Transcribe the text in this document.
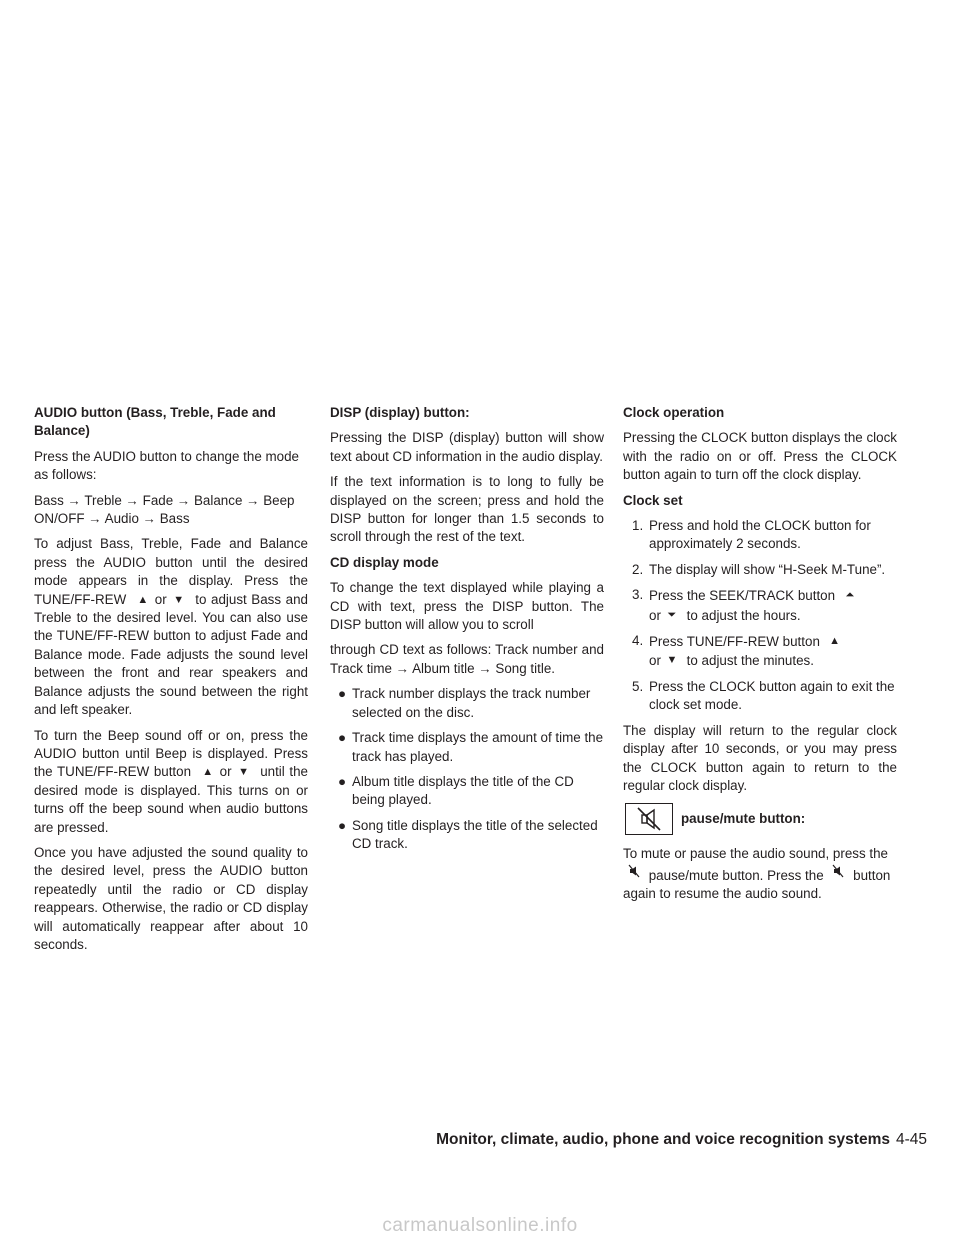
AUDIO button (Bass, Treble, Fade and Balance)

Press the AUDIO button to change the mode as follows:

Bass → Treble → Fade → Balance → Beep ON/OFF → Audio → Bass

To adjust Bass, Treble, Fade and Balance press the AUDIO button until the desired mode appears in the display. Press the TUNE/FF-REW ▲ or ▼ to adjust Bass and Treble to the desired level. You can also use the TUNE/FF-REW button to adjust Fade and Balance mode. Fade adjusts the sound level between the front and rear speakers and Balance adjusts the sound between the right and left speaker.

To turn the Beep sound off or on, press the AUDIO button until Beep is displayed. Press the TUNE/FF-REW button ▲ or ▼ until the desired mode is displayed. This turns on or turns off the beep sound when audio buttons are pressed.

Once you have adjusted the sound quality to the desired level, press the AUDIO button repeatedly until the radio or CD display reappears. Otherwise, the radio or CD display will automatically reappear after about 10 seconds.

DISP (display) button:

Pressing the DISP (display) button will show text about CD information in the audio display.

If the text information is to long to fully be displayed on the screen; press and hold the DISP button for longer than 1.5 seconds to scroll through the rest of the text.

CD display mode

To change the text displayed while playing a CD with text, press the DISP button. The DISP button will allow you to scroll

through CD text as follows: Track number and Track time → Album title → Song title.

● Track number displays the track number selected on the disc.
● Track time displays the amount of time the track has played.
● Album title displays the title of the CD being played.
● Song title displays the title of the selected CD track.
Clock operation

Pressing the CLOCK button displays the clock with the radio on or off. Press the CLOCK button again to turn off the clock display.

Clock set
1. Press and hold the CLOCK button for approximately 2 seconds.
2. The display will show “H-Seek M-Tune”.
3. Press the SEEK/TRACK button ⏶
or ⏷ to adjust the hours.
4. Press TUNE/FF-REW button ▲
or ▼ to adjust the minutes.
5. Press the CLOCK button again to exit the clock set mode.

The display will return to the regular clock display after 10 seconds, or you may press the CLOCK button again to return to the regular clock display.

pause/mute button:

To mute or pause the audio sound, press the  pause/mute button. Press the button again to resume the audio sound.

Monitor, climate, audio, phone and voice recognition systems 4-45
carmanualsonline.info
